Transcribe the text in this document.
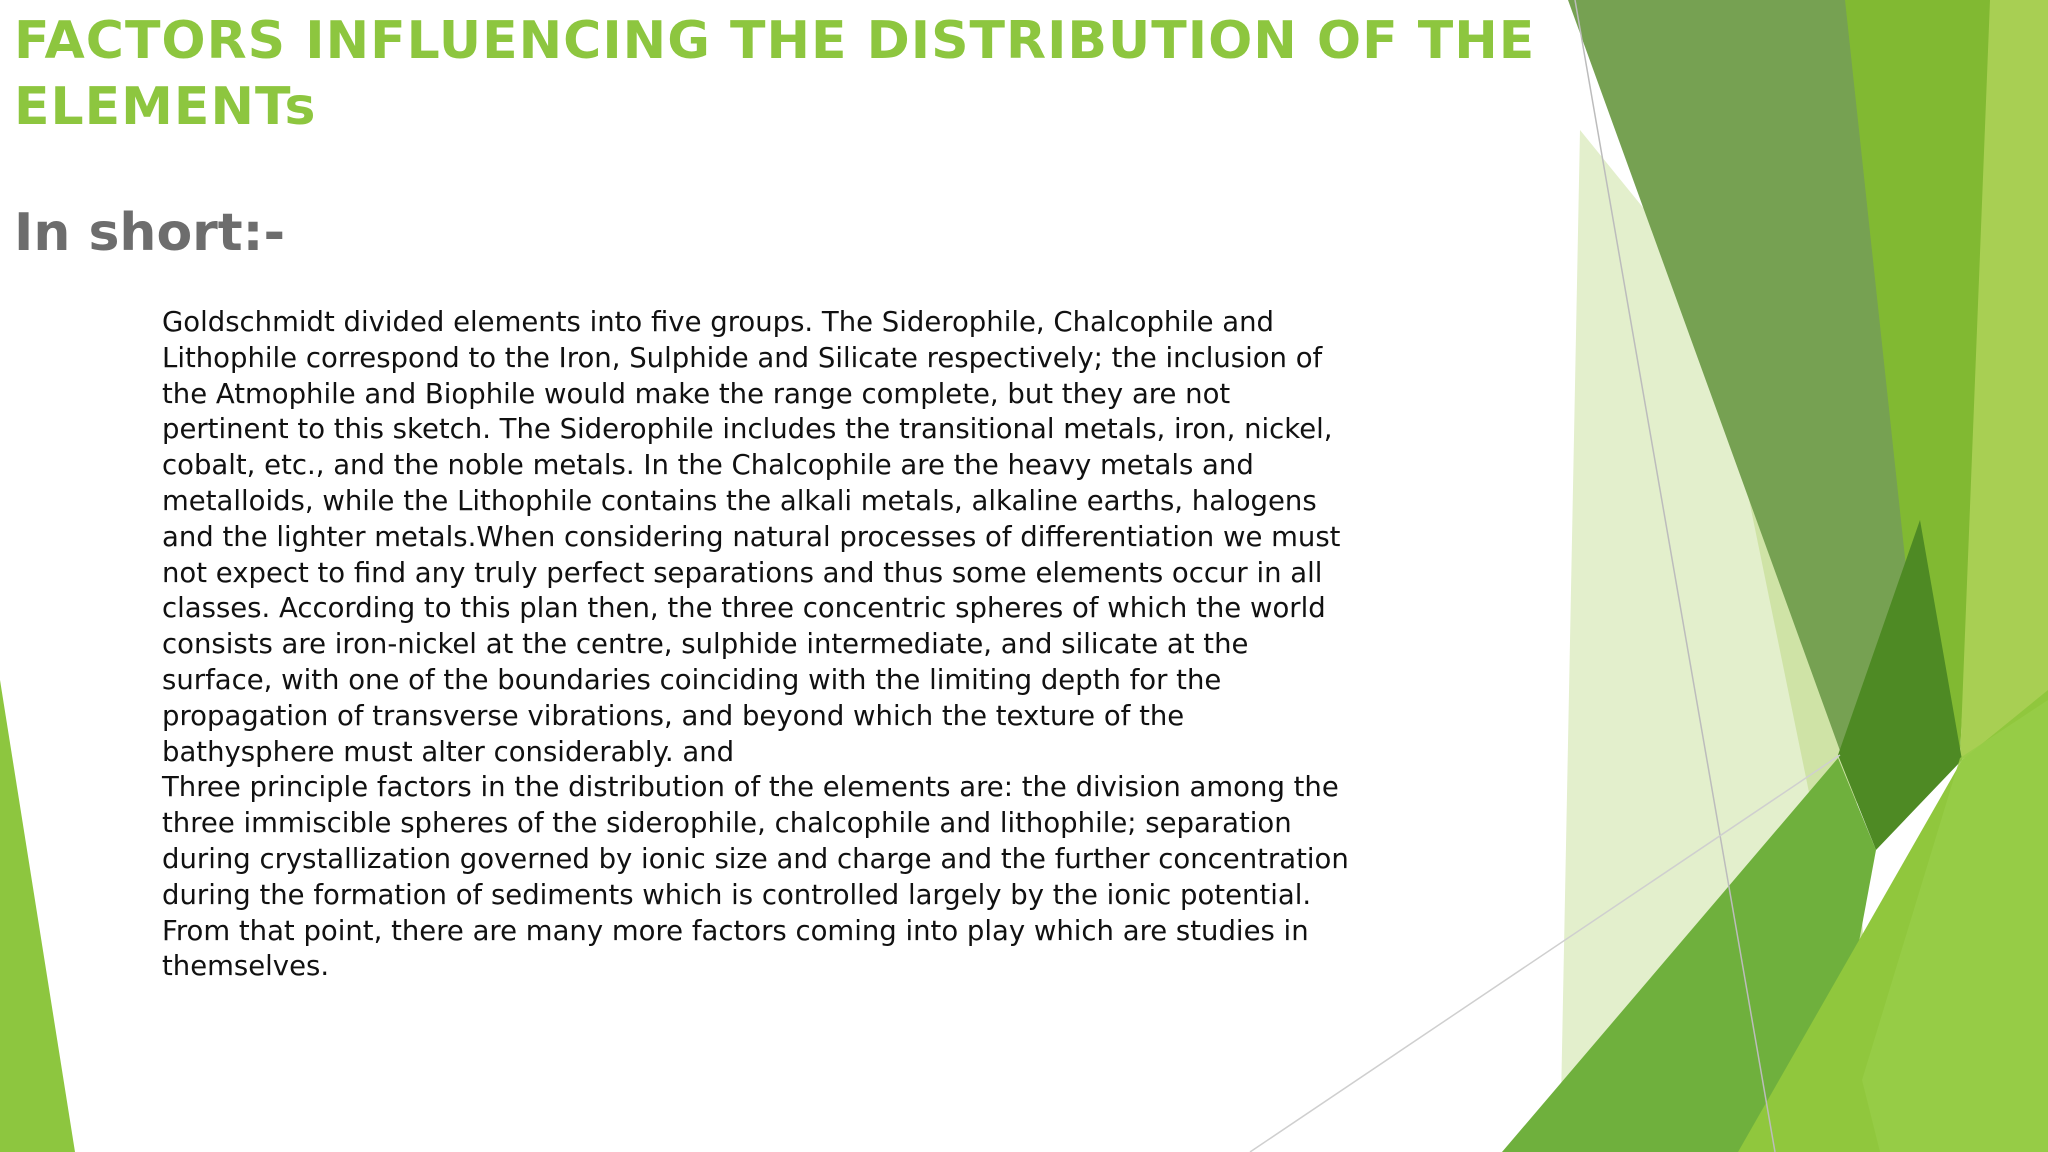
FACTORS INFLUENCING THE DISTRIBUTION OF THE ELEMENTs
In short:-

Goldschmidt divided elements into five groups. The Siderophile, Chalcophile and Lithophile correspond to the Iron, Sulphide and Silicate respectively; the inclusion of the Atmophile and Biophile would make the range complete, but they are not pertinent to this sketch. The Siderophile includes the transitional metals, iron, nickel, cobalt, etc., and the noble metals. In the Chalcophile are the heavy metals and metalloids, while the Lithophile contains the alkali metals, alkaline earths, halogens and the lighter metals.When considering natural processes of differentiation we must not expect to find any truly perfect separations and thus some elements occur in all classes. According to this plan then, the three concentric spheres of which the world consists are iron-nickel at the centre, sulphide intermediate, and silicate at the surface, with one of the boundaries coinciding with the limiting depth for the propagation of transverse vibrations, and beyond which the texture of the bathysphere must alter considerably. and

Three principle factors in the distribution of the elements are: the division among the three immiscible spheres of the siderophile, chalcophile and lithophile; separation during crystallization governed by ionic size and charge and the further concentration during the formation of sediments which is controlled largely by the ionic potential. From that point, there are many more factors coming into play which are studies in themselves.
